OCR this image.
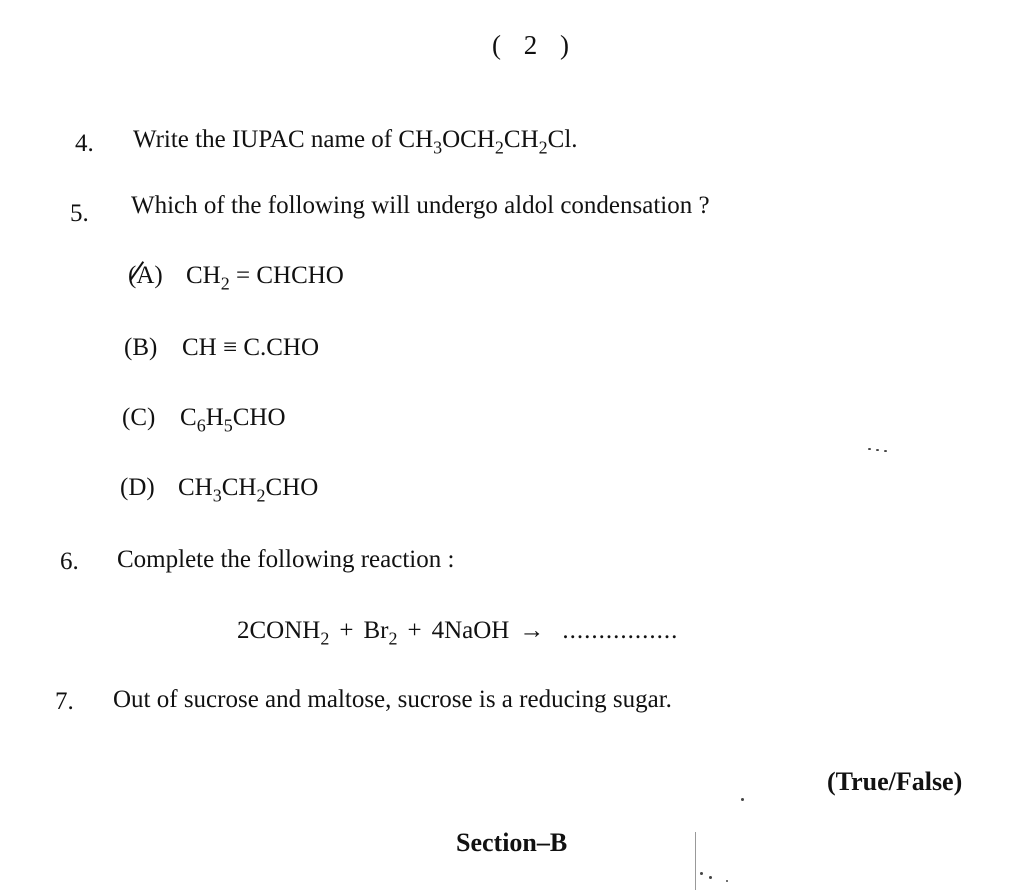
( 2 )
4. Write the IUPAC name of $CH_3OCH_2CH_2Cl$.
5. Which of the following will undergo aldol condensation ?
(A) $CH_2$ = CHCHO
(B) CH ≡ C.CHO
(C) $C_6H_5CHO$
(D) $CH_3CH_2CHO$
6. Complete the following reaction :
$2CONH_2 + Br_2$ + 4NaOH → ................
7. Out of sucrose and maltose, sucrose is a reducing sugar.
(True/False)
Section–B
